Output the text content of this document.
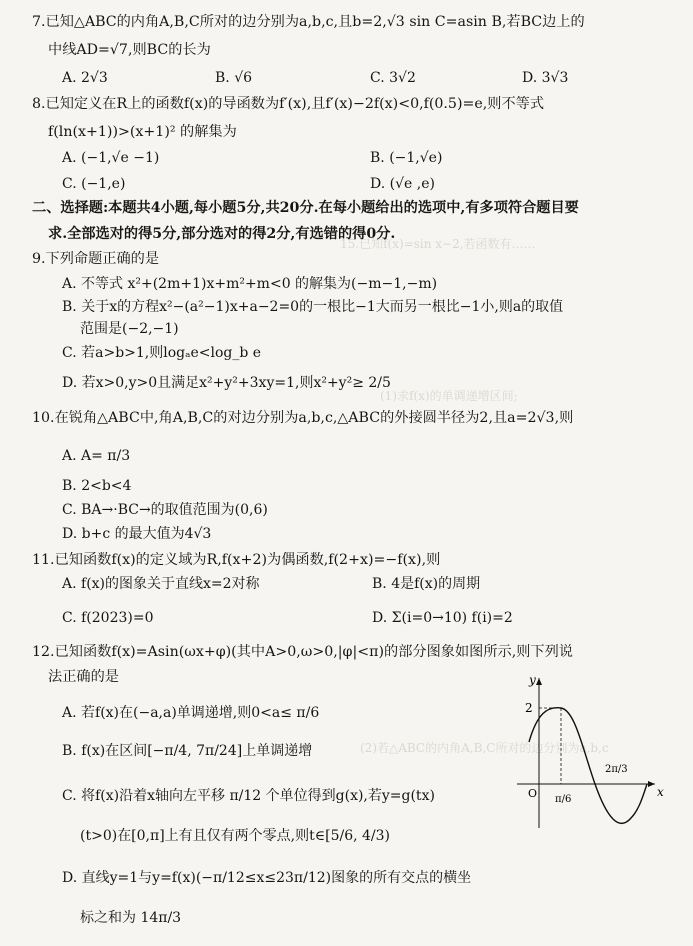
15.已知f(x)=sin x−2,若函数有……
(1)求f(x)的单调递增区间;
(2)若△ABC的内角A,B,C所对的边分别为a,b,c
7.已知△ABC的内角A,B,C所对的边分别为a,b,c,且b=2,√3 sin C=asin B,若BC边上的
中线AD=√7,则BC的长为
A. 2√3	B. √6	C. 3√2	D. 3√3
8.已知定义在R上的函数f(x)的导函数为f′(x),且f′(x)−2f(x)<0,f(0.5)=e,则不等式
f(ln(x+1))>(x+1)² 的解集为
A. (−1,√e −1)	B. (−1,√e)
C. (−1,e)	D. (√e ,e)
二、选择题:本题共4小题,每小题5分,共20分.在每小题给出的选项中,有多项符合题目要
求.全部选对的得5分,部分选对的得2分,有选错的得0分.
9.下列命题正确的是
A. 不等式 x²+(2m+1)x+m²+m<0 的解集为(−m−1,−m)
B. 关于x的方程x²−(a²−1)x+a−2=0的一根比−1大而另一根比−1小,则a的取值
范围是(−2,−1)
C. 若a>b>1,则logₐe<log_b e
D. 若x>0,y>0且满足x²+y²+3xy=1,则x²+y²≥ 2/5
10.在锐角△ABC中,角A,B,C的对边分别为a,b,c,△ABC的外接圆半径为2,且a=2√3,则
A. A= π/3
B. 2<b<4
C. BA→·BC→的取值范围为(0,6)
D. b+c 的最大值为4√3
11.已知函数f(x)的定义域为R,f(x+2)为偶函数,f(2+x)=−f(x),则
A. f(x)的图象关于直线x=2对称	B. 4是f(x)的周期
C. f(2023)=0	D. Σ(i=0→10) f(i)=2
12.已知函数f(x)=Asin(ωx+φ)(其中A>0,ω>0,|φ|<π)的部分图象如图所示,则下列说
法正确的是
A. 若f(x)在(−a,a)单调递增,则0<a≤ π/6
B. f(x)在区间[−π/4, 7π/24]上单调递增
C. 将f(x)沿着x轴向左平移 π/12 个单位得到g(x),若y=g(tx)
(t>0)在[0,π]上有且仅有两个零点,则t∈[5/6, 4/3)
D. 直线y=1与y=f(x)(−π/12≤x≤23π/12)图象的所有交点的横坐
标之和为 14π/3
y
x
O
2
2π/3
π/6
